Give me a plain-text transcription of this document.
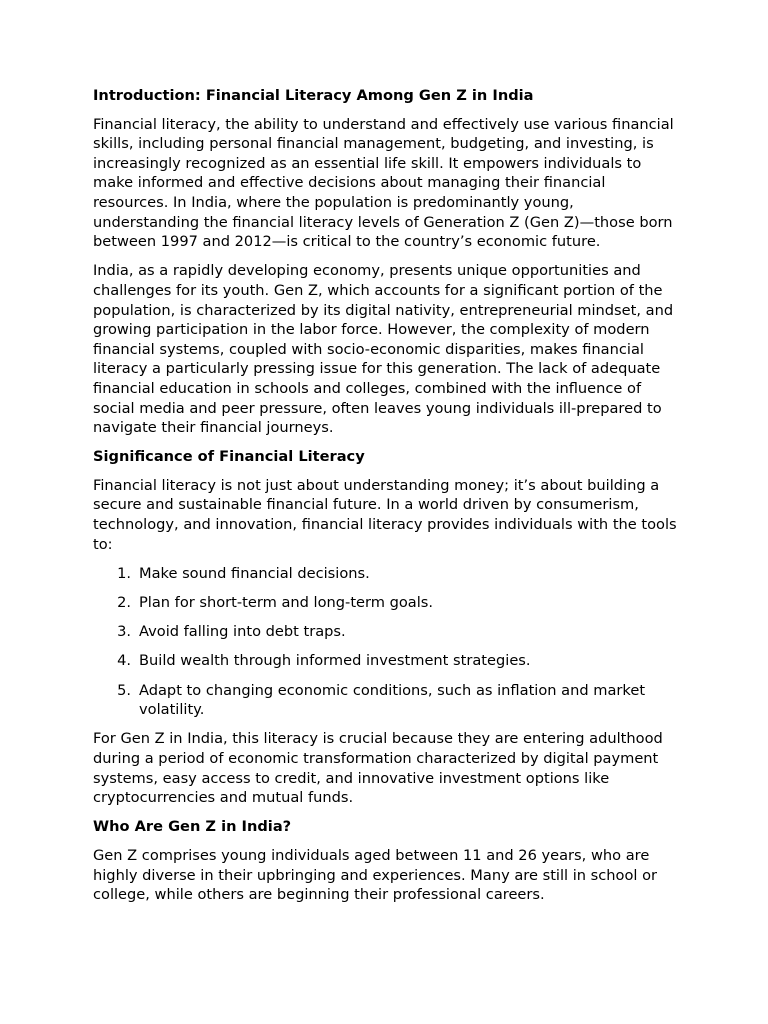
Introduction: Financial Literacy Among Gen Z in India

Financial literacy, the ability to understand and effectively use various financial skills, including personal financial management, budgeting, and investing, is increasingly recognized as an essential life skill. It empowers individuals to make informed and effective decisions about managing their financial resources. In India, where the population is predominantly young, understanding the financial literacy levels of Generation Z (Gen Z)—those born between 1997 and 2012—is critical to the country’s economic future.

India, as a rapidly developing economy, presents unique opportunities and challenges for its youth. Gen Z, which accounts for a significant portion of the population, is characterized by its digital nativity, entrepreneurial mindset, and growing participation in the labor force. However, the complexity of modern financial systems, coupled with socio-economic disparities, makes financial literacy a particularly pressing issue for this generation. The lack of adequate financial education in schools and colleges, combined with the influence of social media and peer pressure, often leaves young individuals ill-prepared to navigate their financial journeys.

Significance of Financial Literacy

Financial literacy is not just about understanding money; it’s about building a secure and sustainable financial future. In a world driven by consumerism, technology, and innovation, financial literacy provides individuals with the tools to:

1. Make sound financial decisions.
2. Plan for short-term and long-term goals.
3. Avoid falling into debt traps.
4. Build wealth through informed investment strategies.
5. Adapt to changing economic conditions, such as inflation and market volatility.

For Gen Z in India, this literacy is crucial because they are entering adulthood during a period of economic transformation characterized by digital payment systems, easy access to credit, and innovative investment options like cryptocurrencies and mutual funds.

Who Are Gen Z in India?

Gen Z comprises young individuals aged between 11 and 26 years, who are highly diverse in their upbringing and experiences. Many are still in school or college, while others are beginning their professional careers.
